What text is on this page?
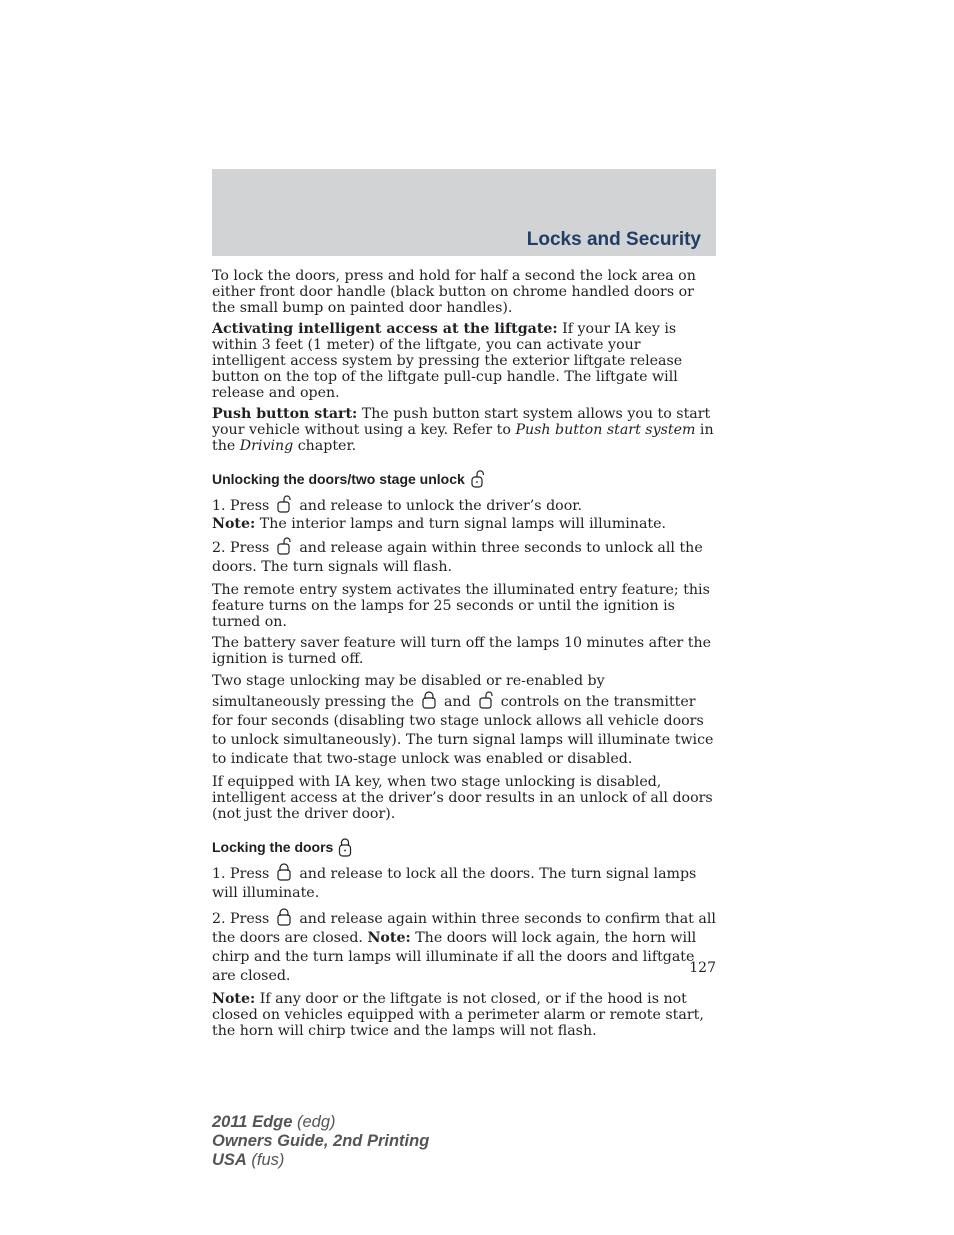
Locks and Security

To lock the doors, press and hold for half a second the lock area on either front door handle (black button on chrome handled doors or the small bump on painted door handles).

Activating intelligent access at the liftgate: If your IA key is within 3 feet (1 meter) of the liftgate, you can activate your intelligent access system by pressing the exterior liftgate release button on the top of the liftgate pull-cup handle. The liftgate will release and open.

Push button start: The push button start system allows you to start your vehicle without using a key. Refer to Push button start system in the Driving chapter.

Unlocking the doors/two stage unlock

1. Press and release to unlock the driver’s door.

Note: The interior lamps and turn signal lamps will illuminate.

2. Press and release again within three seconds to unlock all the doors. The turn signals will flash.

The remote entry system activates the illuminated entry feature; this feature turns on the lamps for 25 seconds or until the ignition is turned on.

The battery saver feature will turn off the lamps 10 minutes after the ignition is turned off.

Two stage unlocking may be disabled or re-enabled by simultaneously pressing the and controls on the transmitter for four seconds (disabling two stage unlock allows all vehicle doors to unlock simultaneously). The turn signal lamps will illuminate twice to indicate that two-stage unlock was enabled or disabled.

If equipped with IA key, when two stage unlocking is disabled, intelligent access at the driver’s door results in an unlock of all doors (not just the driver door).

Locking the doors

1. Press and release to lock all the doors. The turn signal lamps will illuminate.

2. Press and release again within three seconds to confirm that all the doors are closed. Note: The doors will lock again, the horn will chirp and the turn lamps will illuminate if all the doors and liftgate are closed.

Note: If any door or the liftgate is not closed, or if the hood is not closed on vehicles equipped with a perimeter alarm or remote start, the horn will chirp twice and the lamps will not flash.

127
2011 Edge (edg)
Owners Guide, 2nd Printing
USA (fus)
